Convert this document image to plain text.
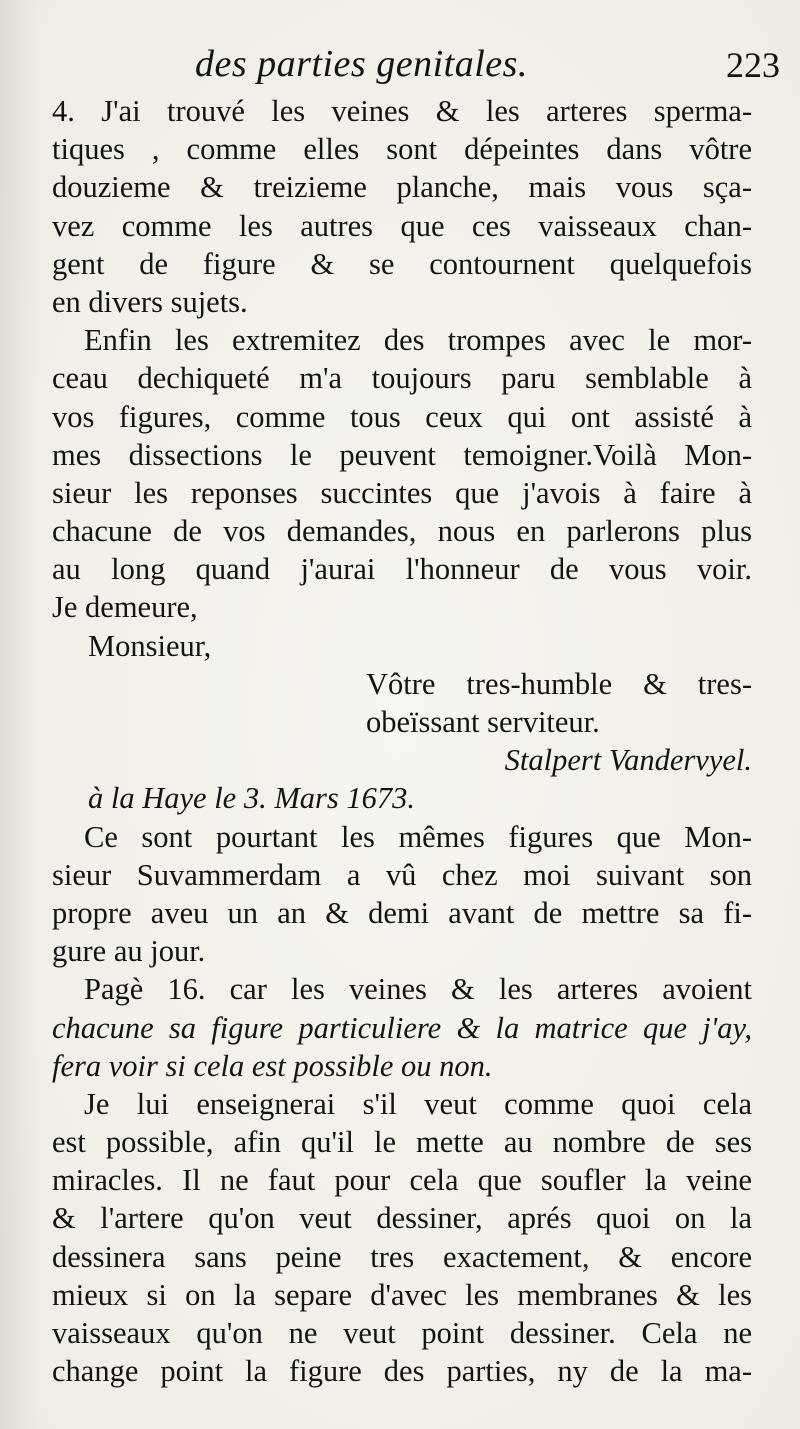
des parties genitales.	223
4. J'ai trouvé les veines & les arteres sperma-
tiques , comme elles sont dépeintes dans vôtre
douzieme & treizieme planche, mais vous sça-
vez comme les autres que ces vaisseaux chan-
gent de figure & se contournent quelquefois
en divers sujets.
Enfin les extremitez des trompes avec le mor-
ceau dechiqueté m'a toujours paru semblable à
vos figures, comme tous ceux qui ont assisté à
mes dissections le peuvent temoigner.Voilà Mon-
sieur les reponses succintes que j'avois à faire à
chacune de vos demandes, nous en parlerons plus
au long quand j'aurai l'honneur de vous voir.
Je demeure,
Monsieur,
Vôtre tres-humble & tres-
obeïssant serviteur.
Stalpert Vandervyel.
à la Haye le 3. Mars 1673.
Ce sont pourtant les mêmes figures que Mon-
sieur Suvammerdam a vû chez moi suivant son
propre aveu un an & demi avant de mettre sa fi-
gure au jour.
Pagè 16. car les veines & les arteres avoient
chacune sa figure particuliere & la matrice que j'ay,
fera voir si cela est possible ou non.
Je lui enseignerai s'il veut comme quoi cela
est possible, afin qu'il le mette au nombre de ses
miracles. Il ne faut pour cela que soufler la veine
& l'artere qu'on veut dessiner, aprés quoi on la
dessinera sans peine tres exactement, & encore
mieux si on la separe d'avec les membranes & les
vaisseaux qu'on ne veut point dessiner. Cela ne
change point la figure des parties, ny de la ma-
